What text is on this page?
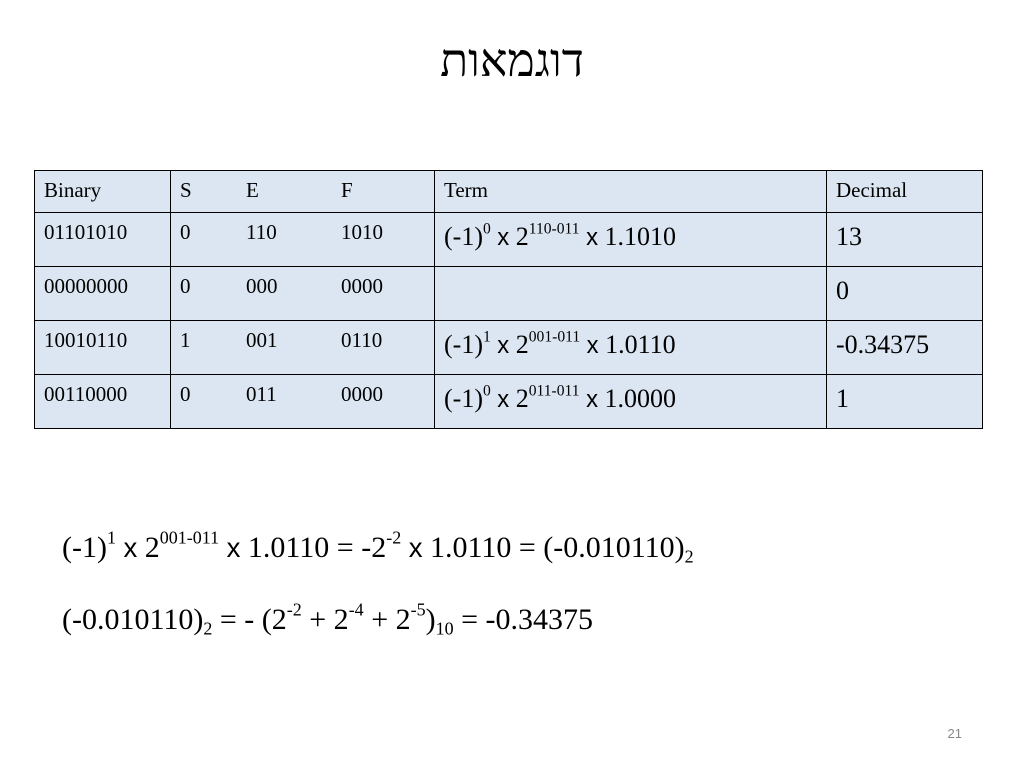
דוגמאות
Binary	S E F	Term	Decimal
01101010	0 110 1010	$(-1)^0$ x 2$^{110-011}$ x 1.1010	13
00000000	0 000 0000		0
10010110	1 001 0110	$(-1)^1$ x 2$^{001-011}$ x 1.0110	-0.34375
00110000	0 011 0000	$(-1)^0$ x 2$^{011-011}$ x 1.0000	1
$(-1)^1$ x 2$^{001-011}$ x $1.0110 = -2^{-2}$ x $1.0110 = (-0.010110)_2$
$(-0.010110)_2$ = - $(2^{-2} + 2^{-4} + 2^{-5})_{10} = -0.34375$
21
